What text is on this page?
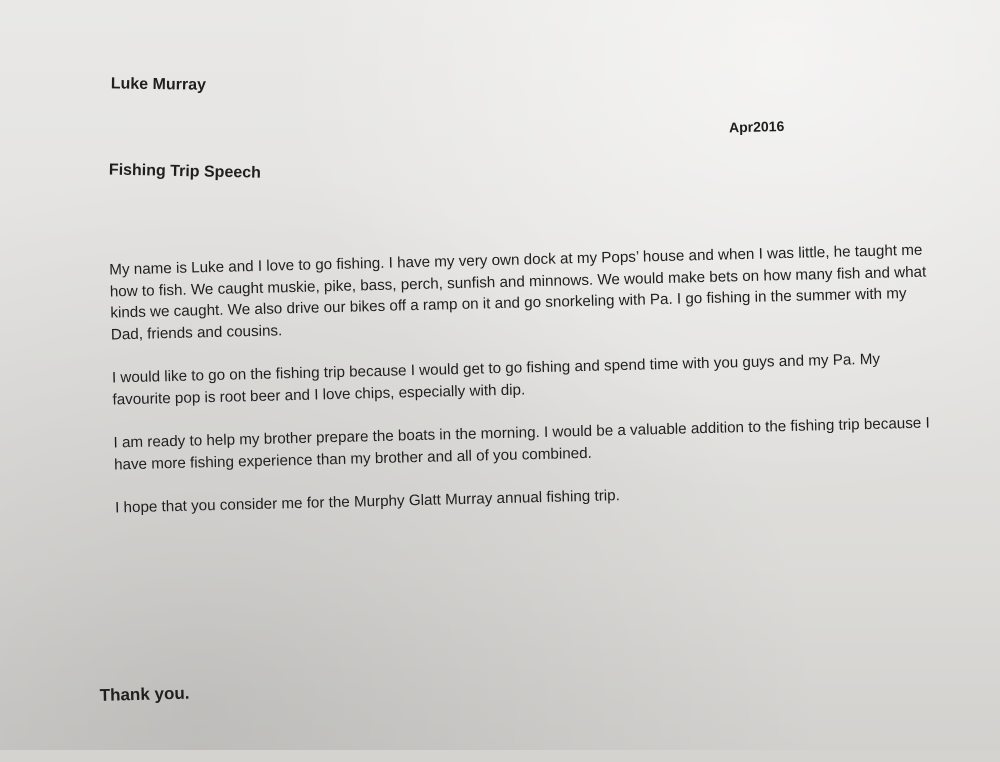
Luke Murray
Apr2016
Fishing Trip Speech

My name is Luke and I love to go fishing. I have my very own dock at my Pops’ house and when I was little, he taught me how to fish. We caught muskie, pike, bass, perch, sunfish and minnows. We would make bets on how many fish and what kinds we caught. We also drive our bikes off a ramp on it and go snorkeling with Pa. I go fishing in the summer with my Dad, friends and cousins.

I would like to go on the fishing trip because I would get to go fishing and spend time with you guys and my Pa. My favourite pop is root beer and I love chips, especially with dip.

I am ready to help my brother prepare the boats in the morning. I would be a valuable addition to the fishing trip because I have more fishing experience than my brother and all of you combined.

I hope that you consider me for the Murphy Glatt Murray annual fishing trip.

Thank you.
